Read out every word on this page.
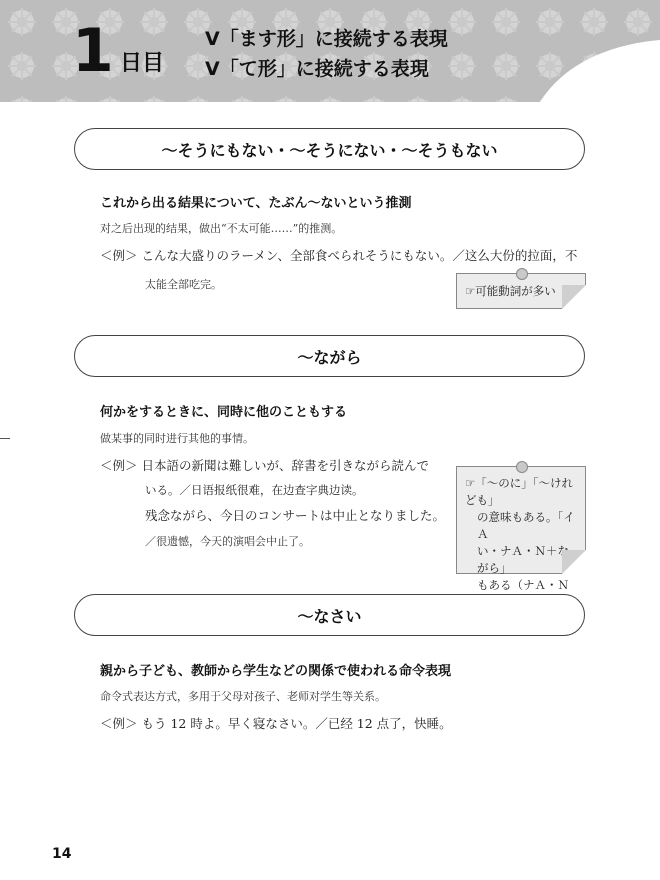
1 日目
V「ます形」に接続する表現
V「て形」に接続する表現
～そうにもない・～そうにない・～そうもない
これから出る結果について、たぶん～ないという推測
对之后出现的结果，做出“不太可能……”的推测。
＜例＞ こんな大盛りのラーメン、全部食べられそうにもない。／这么大份的拉面，不
太能全部吃完。	☞可能動詞が多い
～ながら
何かをするときに、同時に他のこともする
做某事的同时进行其他的事情。
＜例＞ 日本語の新聞は難しいが、辞書を引きながら読んで
いる。／日语报纸很难，在边查字典边读。
残念ながら、今日のコンサートは中止となりました。
／很遗憾，今天的演唱会中止了。
☞「～のに」「～けれども」
の意味もある。「イＡ
い・ナＡ・Ｎ＋ながら」
もある（ナＡ・Ｎ
～なさい
親から子ども、教師から学生などの関係で使われる命令表現
命令式表达方式，多用于父母对孩子、老师对学生等关系。
＜例＞ もう 12 時よ。早く寝なさい。／已经 12 点了，快睡。
14
